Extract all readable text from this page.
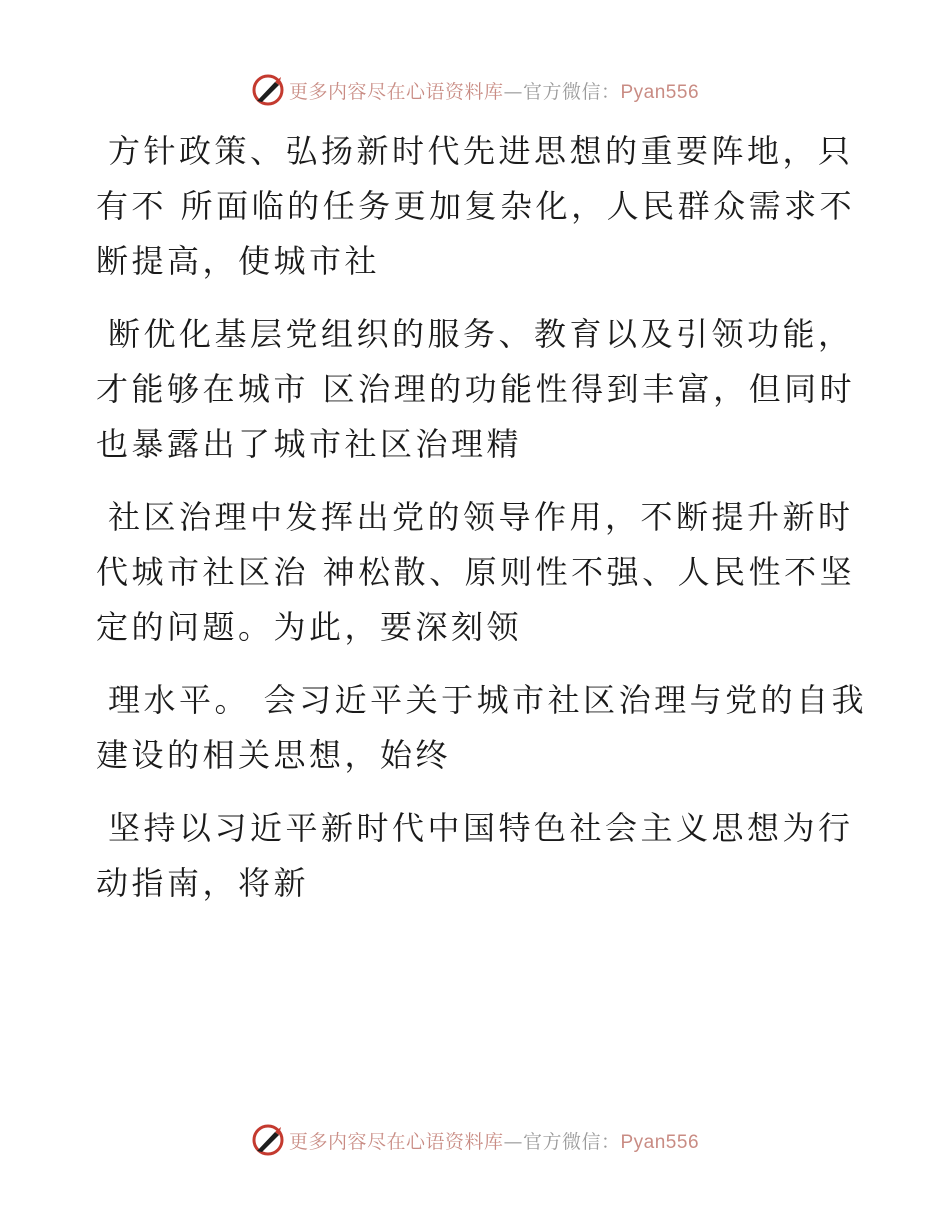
更多内容尽在心语资料库—官方微信：Pyan556

方针政策、弘扬新时代先进思想的重要阵地，只
有不 所面临的任务更加复杂化，人民群众需求不
断提高，使城市社

断优化基层党组织的服务、教育以及引领功能，
才能够在城市 区治理的功能性得到丰富，但同时
也暴露出了城市社区治理精

社区治理中发挥出党的领导作用，不断提升新时
代城市社区治 神松散、原则性不强、人民性不坚
定的问题。为此，要深刻领

理水平。 会习近平关于城市社区治理与党的自我
建设的相关思想，始终

坚持以习近平新时代中国特色社会主义思想为行
动指南，将新

更多内容尽在心语资料库—官方微信：Pyan556
